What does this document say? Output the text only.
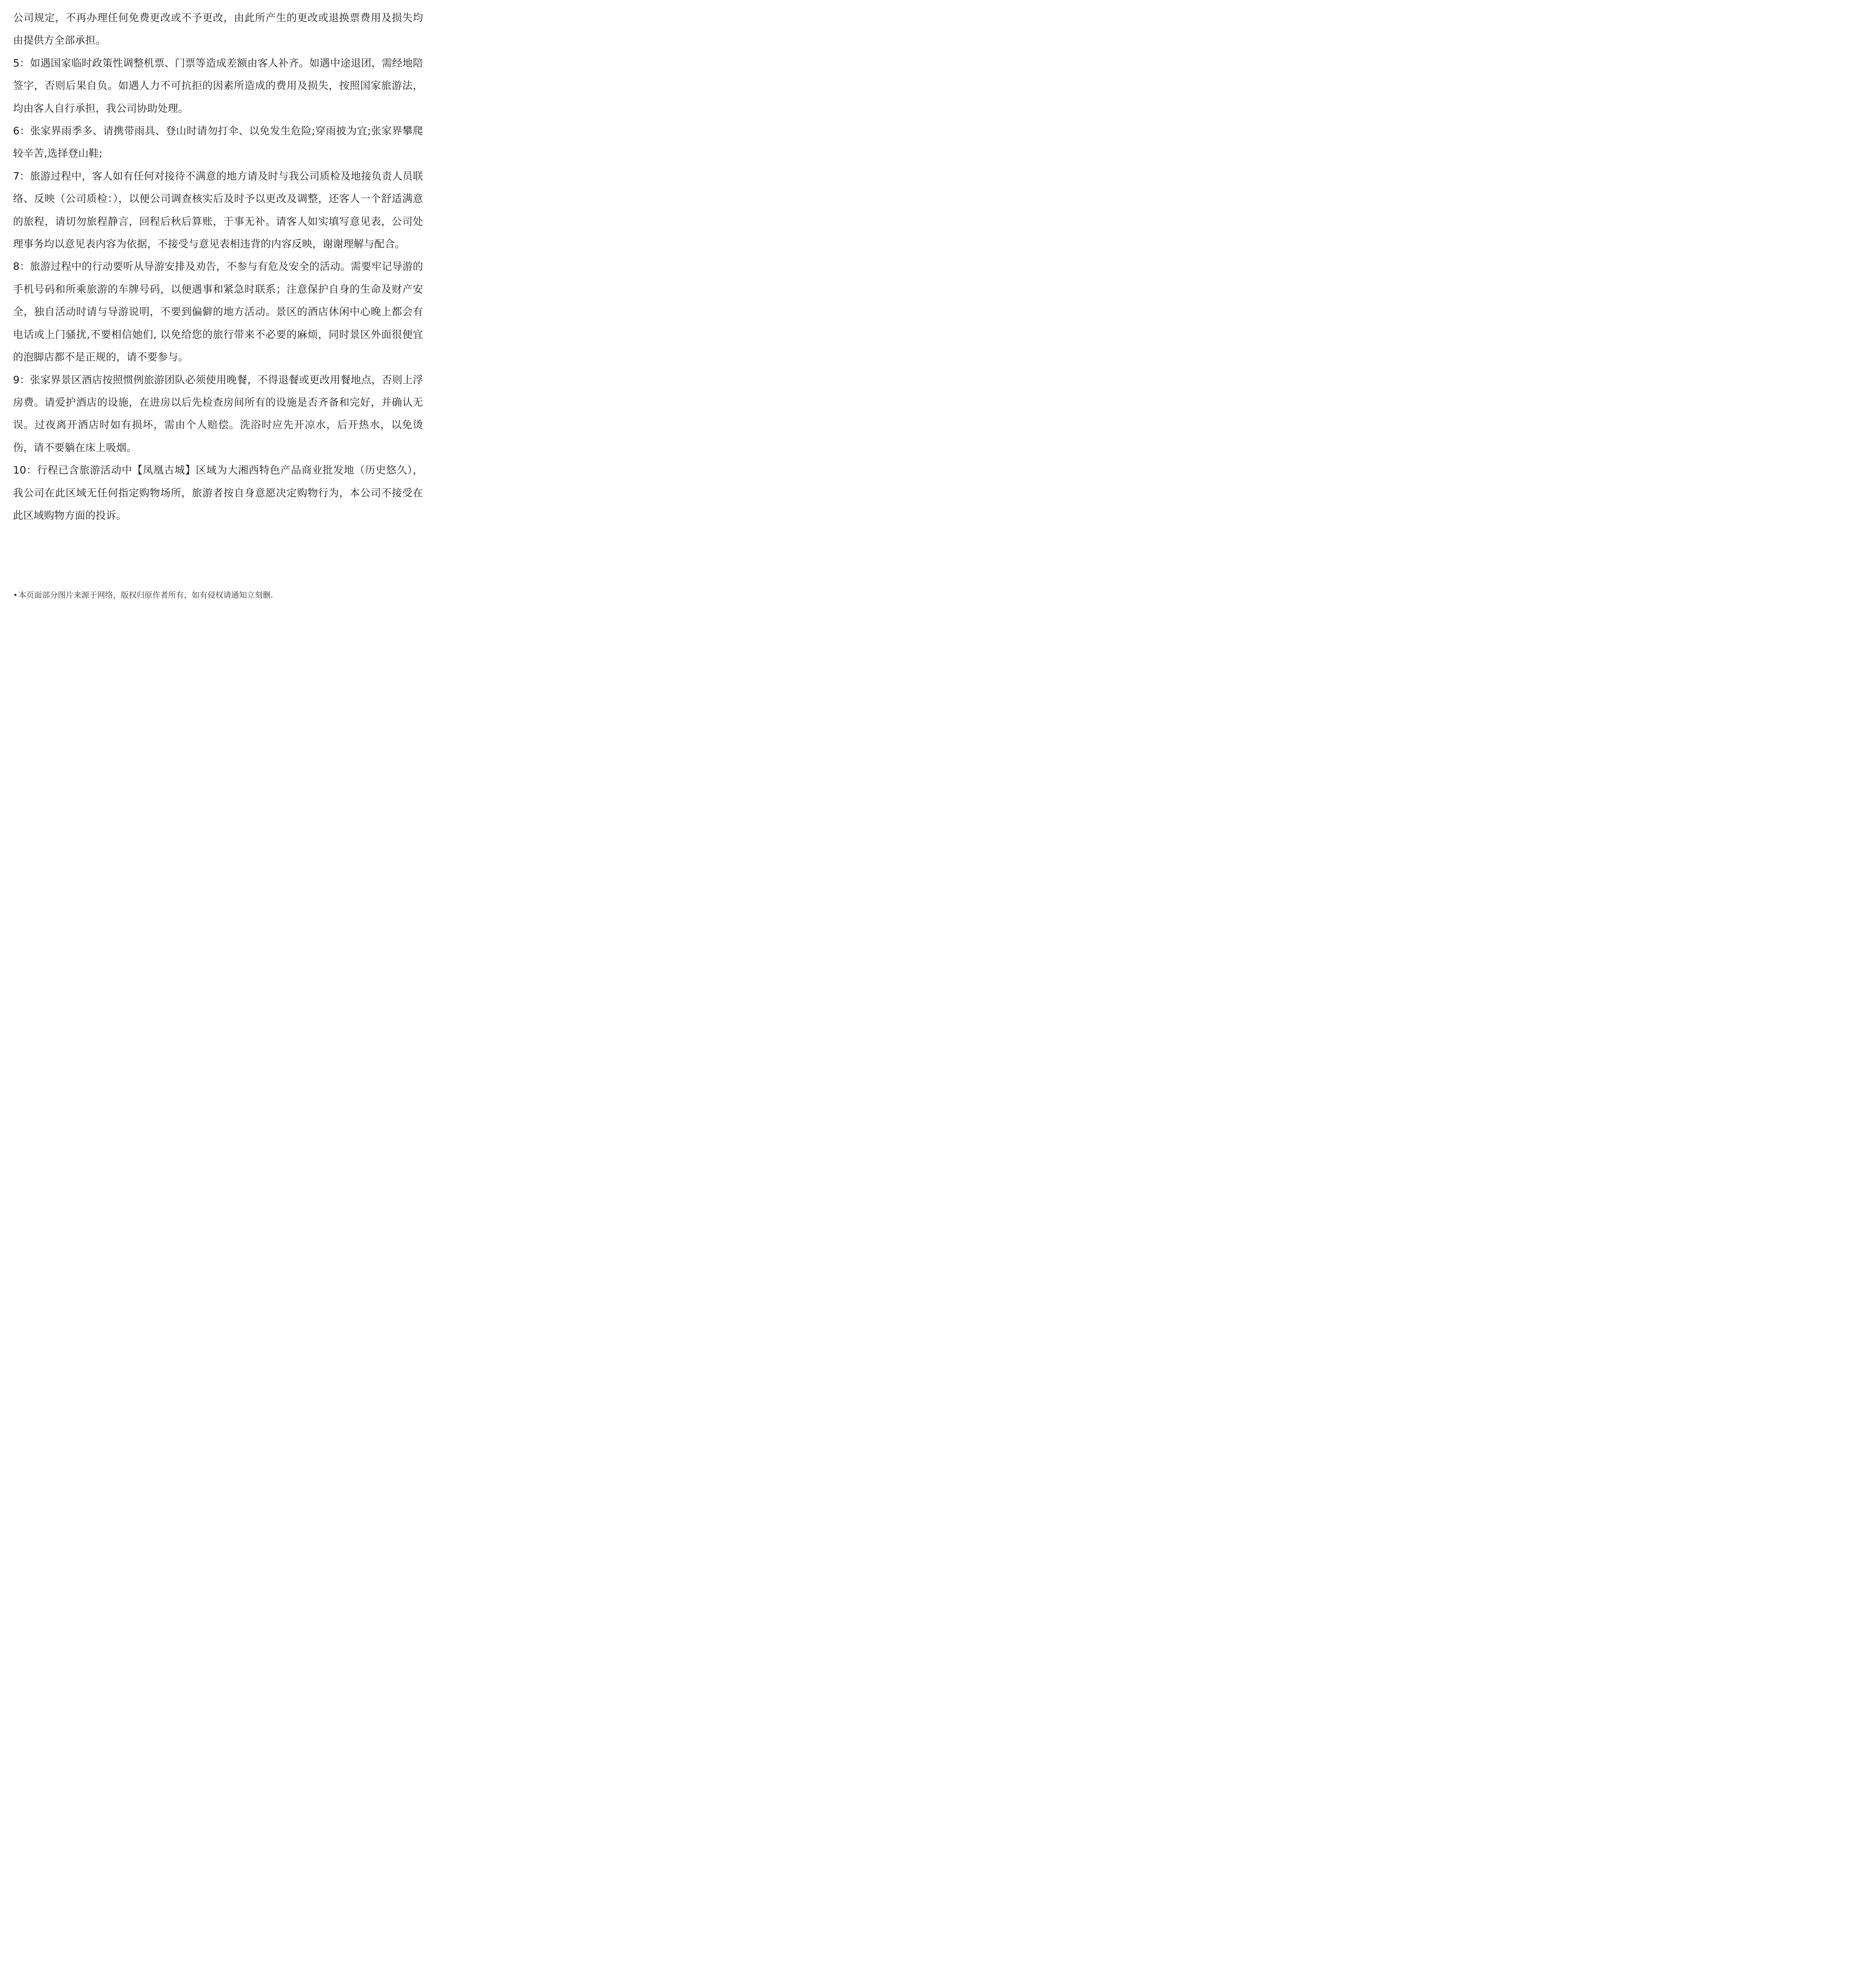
公司规定，不再办理任何免费更改或不予更改，由此所产生的更改或退换票费用及损失均由提供方全部承担。

5：如遇国家临时政策性调整机票、门票等造成差额由客人补齐。如遇中途退团，需经地陪签字，否则后果自负。如遇人力不可抗拒的因素所造成的费用及损失，按照国家旅游法，均由客人自行承担，我公司协助处理。

6：张家界雨季多、请携带雨具、登山时请勿打伞、以免发生危险;穿雨披为宜;张家界攀爬较辛苦,选择登山鞋;

7：旅游过程中，客人如有任何对接待不满意的地方请及时与我公司质检及地接负责人员联络、反映（公司质检：），以便公司调查核实后及时予以更改及调整，还客人一个舒适满意的旅程，请切勿旅程静言，回程后秋后算账，于事无补。请客人如实填写意见表，公司处理事务均以意见表内容为依据，不接受与意见表相违背的内容反映，谢谢理解与配合。

8：旅游过程中的行动要听从导游安排及劝告，不参与有危及安全的活动。需要牢记导游的手机号码和所乘旅游的车牌号码，以便遇事和紧急时联系；注意保护自身的生命及财产安全，独自活动时请与导游说明，不要到偏僻的地方活动。景区的酒店休闲中心晚上都会有电话或上门骚扰,不要相信她们, 以免给您的旅行带来不必要的麻烦，同时景区外面很便宜的泡脚店都不是正规的，请不要参与。

9：张家界景区酒店按照惯例旅游团队必须使用晚餐，不得退餐或更改用餐地点，否则上浮房费。请爱护酒店的设施，在进房以后先检查房间所有的设施是否齐备和完好，并确认无误。过夜离开酒店时如有损坏，需由个人赔偿。洗浴时应先开凉水，后开热水，以免烫伤，请不要躺在床上吸烟。

10：行程已含旅游活动中【凤凰古城】区域为大湘西特色产品商业批发地（历史悠久），我公司在此区域无任何指定购物场所，旅游者按自身意愿决定购物行为，本公司不接受在此区域购物方面的投诉。

• 本页面部分图片来源于网络，版权归原作者所有，如有侵权请通知立刻删.
